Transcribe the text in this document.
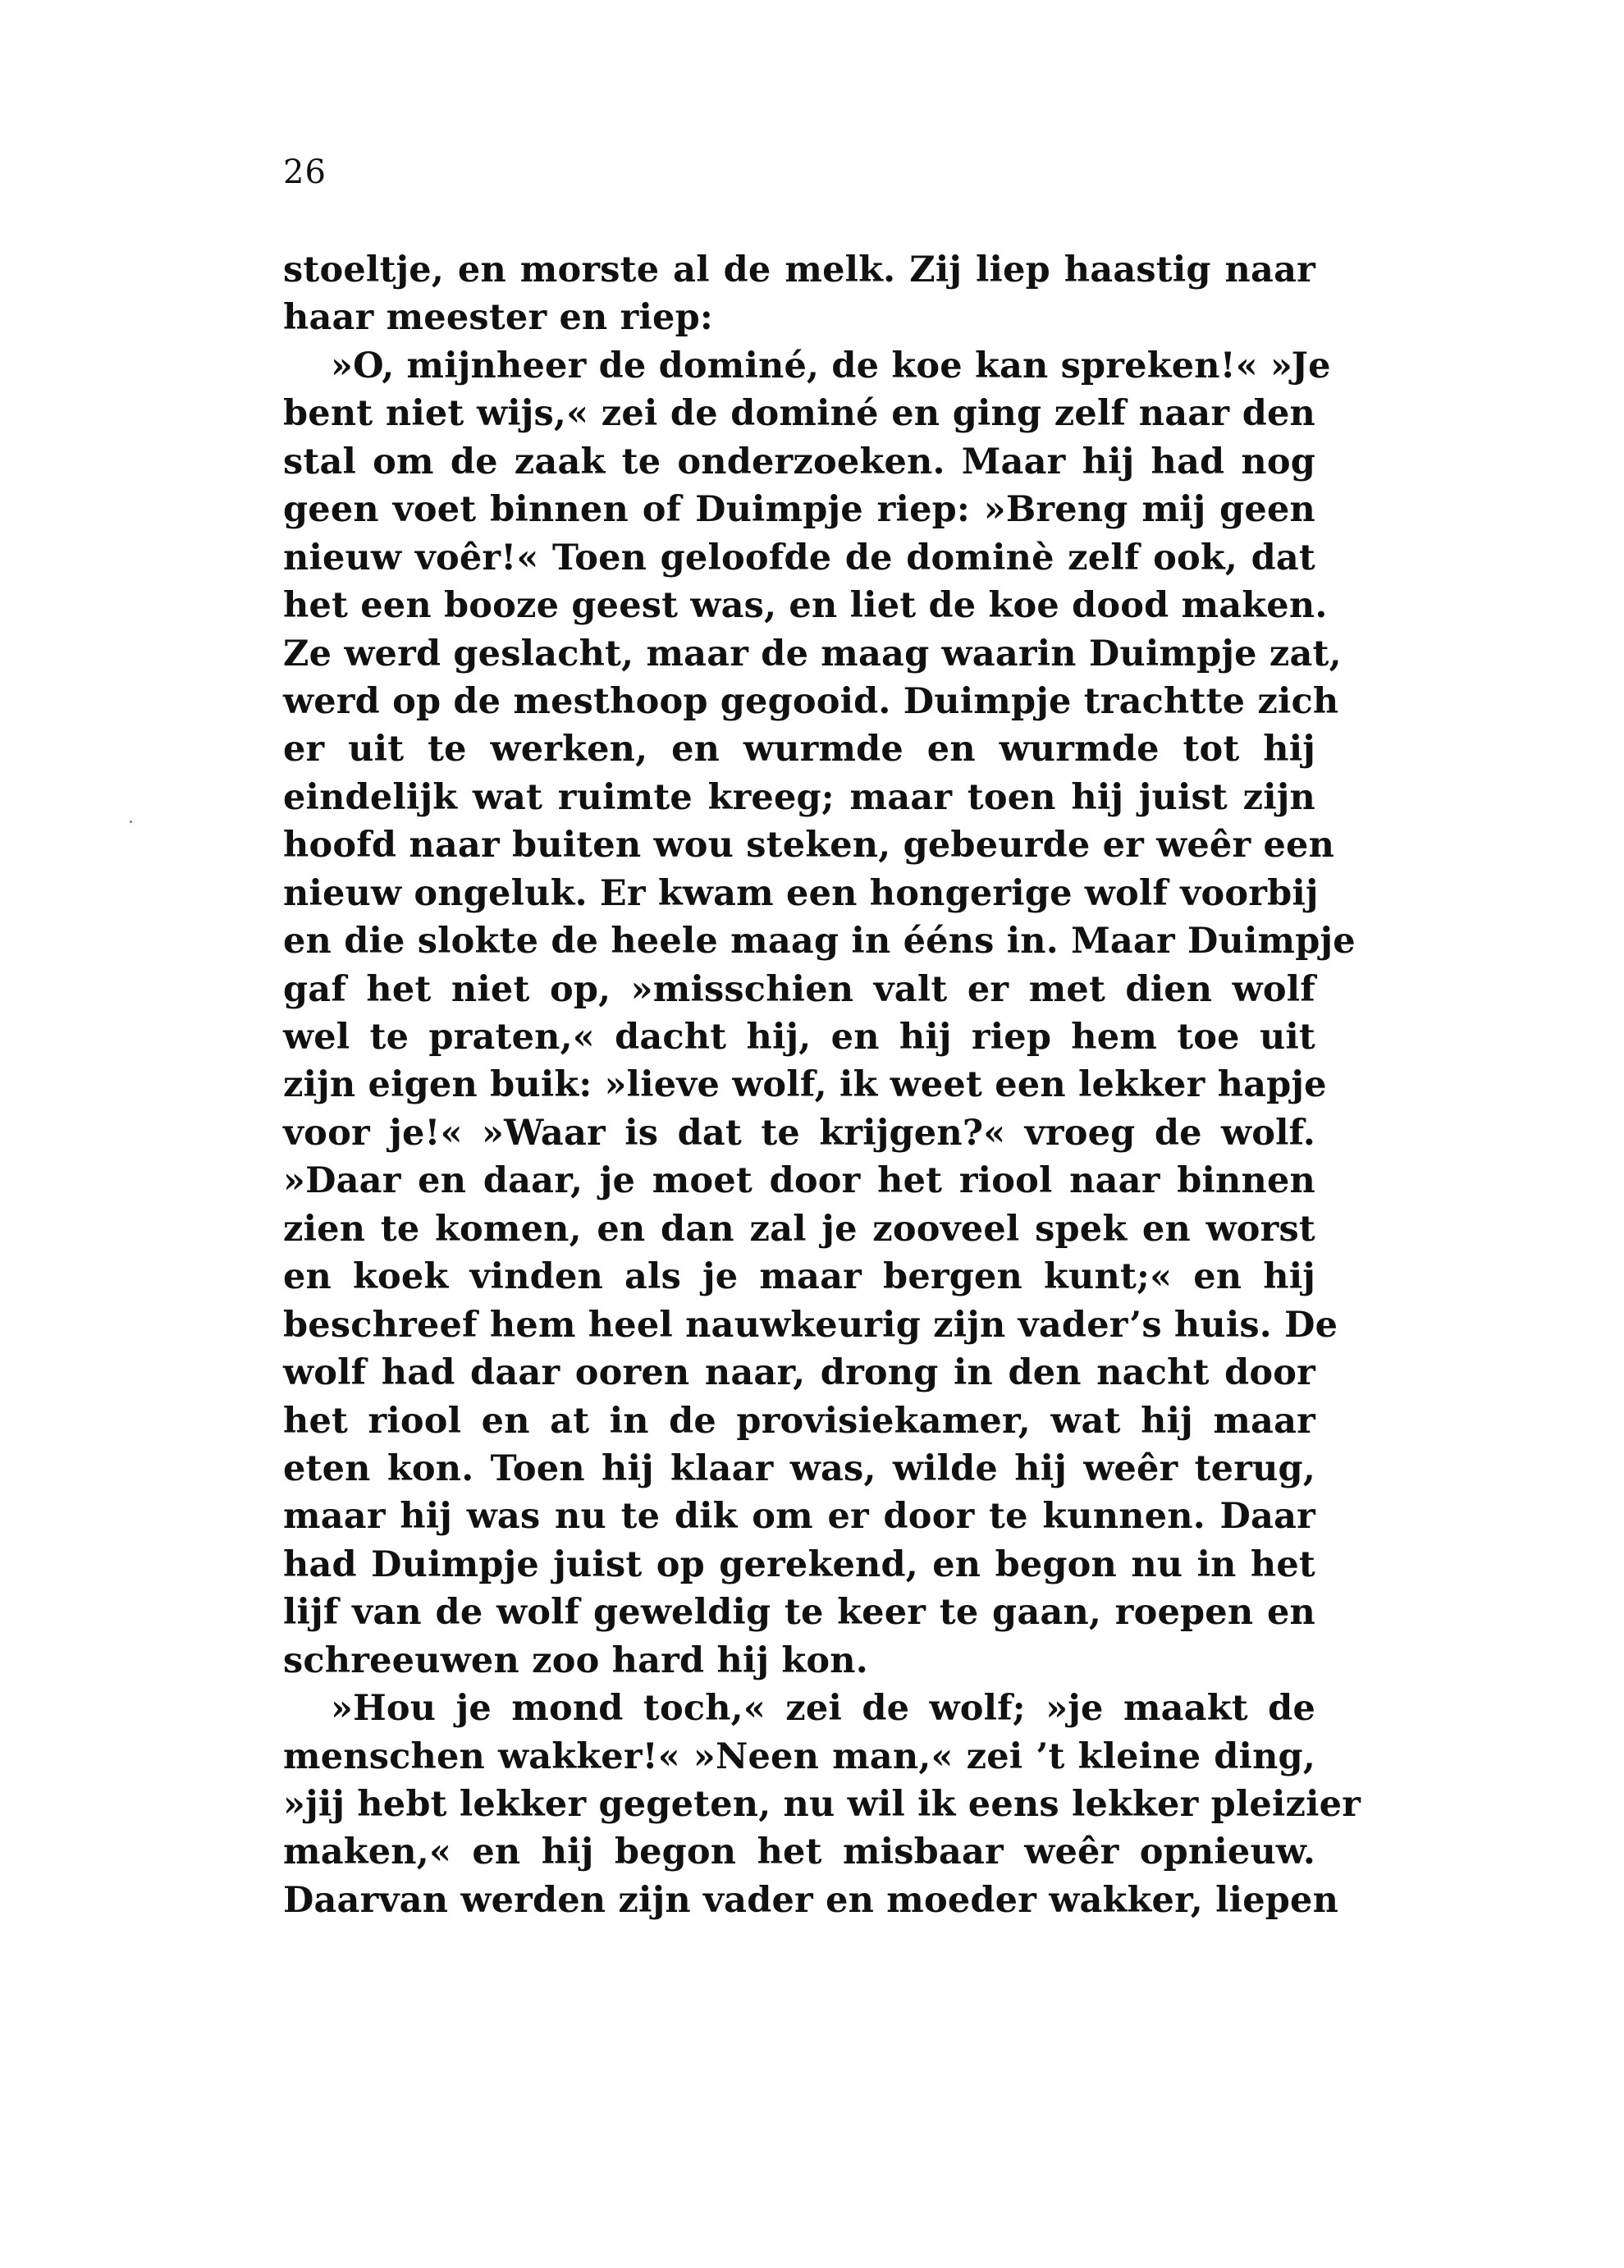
26
stoeltje, en morste al de melk. Zij liep haastig naar
haar meester en riep:
»O, mijnheer de dominé, de koe kan spreken!« »Je
bent niet wijs,« zei de dominé en ging zelf naar den
stal om de zaak te onderzoeken. Maar hij had nog
geen voet binnen of Duimpje riep: »Breng mij geen
nieuw voêr!« Toen geloofde de dominè zelf ook, dat
het een booze geest was, en liet de koe dood maken.
Ze werd geslacht, maar de maag waarin Duimpje zat,
werd op de mesthoop gegooid. Duimpje trachtte zich
er uit te werken, en wurmde en wurmde tot hij
eindelijk wat ruimte kreeg; maar toen hij juist zijn
hoofd naar buiten wou steken, gebeurde er weêr een
nieuw ongeluk. Er kwam een hongerige wolf voorbij
en die slokte de heele maag in ééns in. Maar Duimpje
gaf het niet op, »misschien valt er met dien wolf
wel te praten,« dacht hij, en hij riep hem toe uit
zijn eigen buik: »lieve wolf, ik weet een lekker hapje
voor je!« »Waar is dat te krijgen?« vroeg de wolf.
»Daar en daar, je moet door het riool naar binnen
zien te komen, en dan zal je zooveel spek en worst
en koek vinden als je maar bergen kunt;« en hij
beschreef hem heel nauwkeurig zijn vader’s huis. De
wolf had daar ooren naar, drong in den nacht door
het riool en at in de provisiekamer, wat hij maar
eten kon. Toen hij klaar was, wilde hij weêr terug,
maar hij was nu te dik om er door te kunnen. Daar
had Duimpje juist op gerekend, en begon nu in het
lijf van de wolf geweldig te keer te gaan, roepen en
schreeuwen zoo hard hij kon.
»Hou je mond toch,« zei de wolf; »je maakt de
menschen wakker!« »Neen man,« zei ’t kleine ding,
»jij hebt lekker gegeten, nu wil ik eens lekker pleizier
maken,« en hij begon het misbaar weêr opnieuw.
Daarvan werden zijn vader en moeder wakker, liepen
